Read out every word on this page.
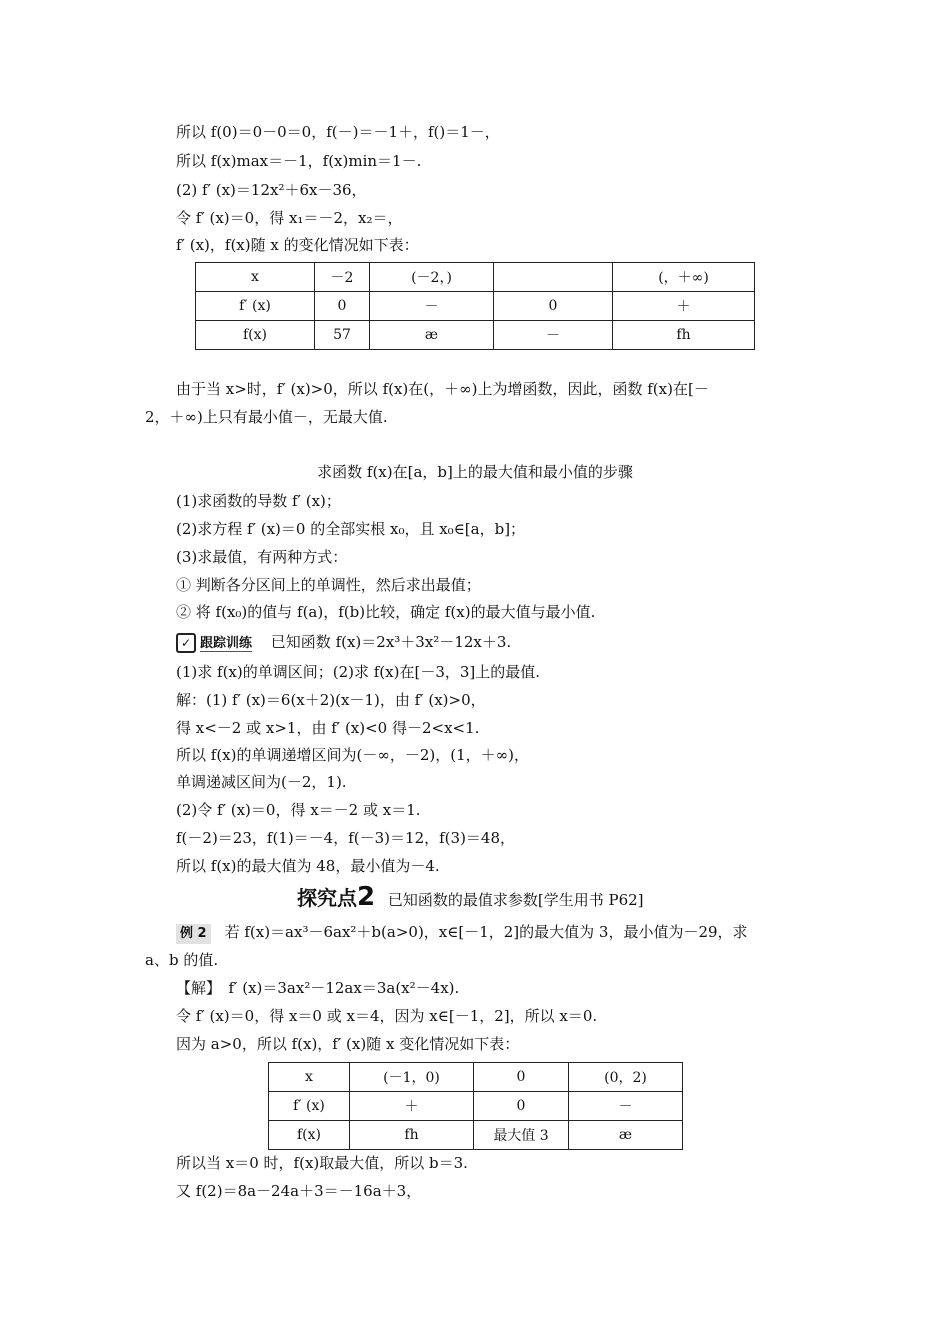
所以 f(0)＝0－0＝0，f(－)＝－1＋，f()＝1－，
所以 f(x)max＝－1，f(x)min＝1－.
(2) f′ (x)＝12x²＋6x－36，
令 f′ (x)＝0，得 x₁＝－2，x₂＝，
f′ (x)，f(x)随 x 的变化情况如下表：
x	－2	(－2，)		(，＋∞)
f′ (x)	0	－	0	＋
f(x)	57	æ	－	fh
由于当 x>时，f′ (x)>0，所以 f(x)在(，＋∞)上为增函数，因此，函数 f(x)在[－
2，＋∞)上只有最小值－，无最大值.
求函数 f(x)在[a，b]上的最大值和最小值的步骤
(1)求函数的导数 f′ (x)；
(2)求方程 f′ (x)＝0 的全部实根 x₀，且 x₀∈[a，b]；
(3)求最值，有两种方式：
① 判断各分区间上的单调性，然后求出最值；
② 将 f(x₀)的值与 f(a)，f(b)比较，确定 f(x)的最大值与最小值.
✓ 跟踪训练 已知函数 f(x)＝2x³＋3x²－12x＋3.
(1)求 f(x)的单调区间；(2)求 f(x)在[－3，3]上的最值.
解：(1) f′ (x)＝6(x＋2)(x－1)，由 f′ (x)>0，
得 x<－2 或 x>1，由 f′ (x)<0 得－2<x<1.
所以 f(x)的单调递增区间为(－∞，－2)，(1，＋∞)，
单调递减区间为(－2，1).
(2)令 f′ (x)＝0，得 x＝－2 或 x＝1.
f(－2)＝23，f(1)＝－4，f(－3)＝12，f(3)＝48，
所以 f(x)的最大值为 48，最小值为－4.
探究点2 已知函数的最值求参数[学生用书 P62]
例 2 若 f(x)＝ax³－6ax²＋b(a>0)，x∈[－1，2]的最大值为 3，最小值为－29，求
a、b 的值.
【解】　f′ (x)＝3ax²－12ax＝3a(x²－4x).
令 f′ (x)＝0，得 x＝0 或 x＝4，因为 x∈[－1，2]，所以 x＝0.
因为 a>0，所以 f(x)，f′ (x)随 x 变化情况如下表：
x	(－1，0)	0	(0，2)
f′ (x)	＋	0	－
f(x)	fh	最大值 3	æ
所以当 x＝0 时，f(x)取最大值，所以 b＝3.
又 f(2)＝8a－24a＋3＝－16a＋3，
